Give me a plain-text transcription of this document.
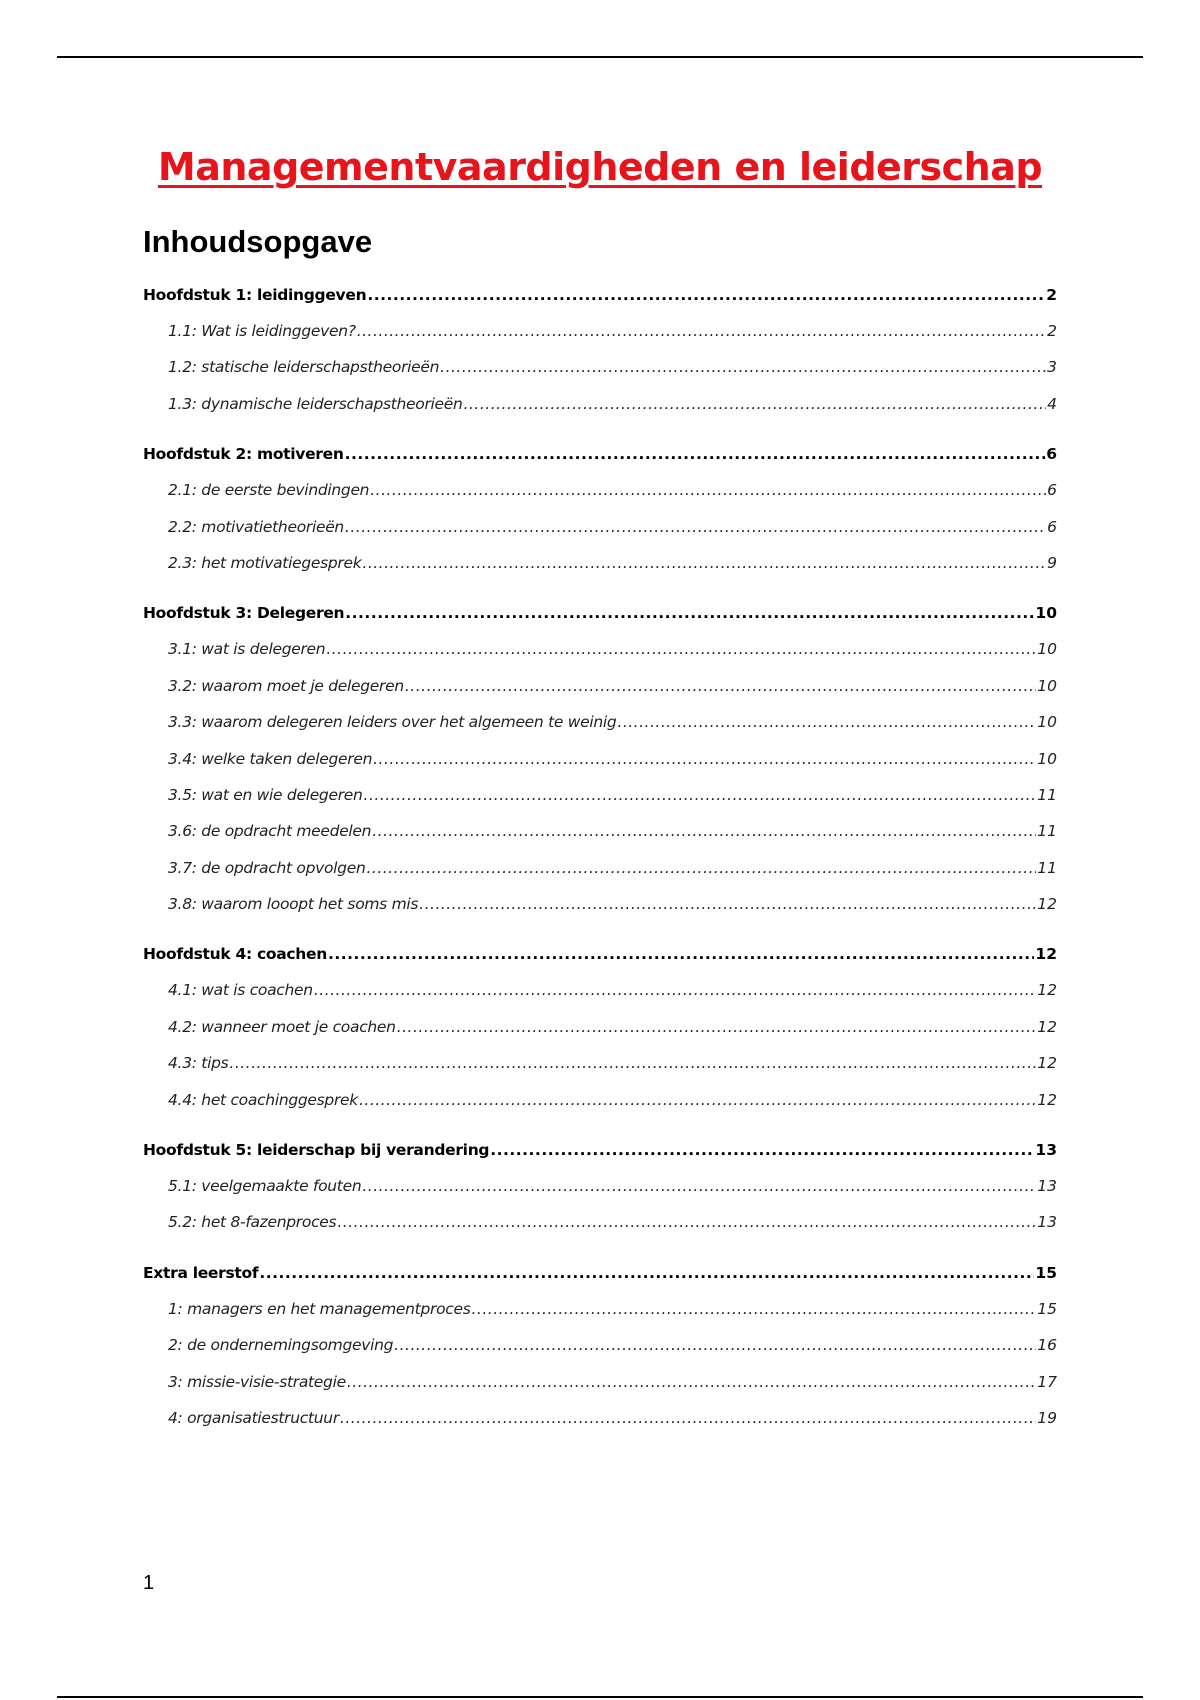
Managementvaardigheden en leiderschap
Inhoudsopgave
Hoofdstuk 1: leidinggeven .....	2
1.1: Wat is leidinggeven? .....	2
1.2: statische leiderschapstheorieën .....	3
1.3: dynamische leiderschapstheorieën .....	4
Hoofdstuk 2: motiveren .....	6
2.1: de eerste bevindingen .....	6
2.2: motivatietheorieën .....	6
2.3: het motivatiegesprek .....	9
Hoofdstuk 3: Delegeren .....	10
3.1: wat is delegeren .....	10
3.2: waarom moet je delegeren .....	10
3.3: waarom delegeren leiders over het algemeen te weinig .....	10
3.4: welke taken delegeren .....	10
3.5: wat en wie delegeren .....	11
3.6: de opdracht meedelen .....	11
3.7: de opdracht opvolgen .....	11
3.8: waarom looopt het soms mis .....	12
Hoofdstuk 4: coachen .....	12
4.1: wat is coachen .....	12
4.2: wanneer moet je coachen .....	12
4.3: tips .....	12
4.4: het coachinggesprek .....	12
Hoofdstuk 5: leiderschap bij verandering .....	13
5.1: veelgemaakte fouten .....	13
5.2: het 8-fazenproces .....	13
Extra leerstof .....	15
1: managers en het managementproces .....	15
2: de ondernemingsomgeving .....	16
3: missie-visie-strategie .....	17
4: organisatiestructuur .....	19
1
